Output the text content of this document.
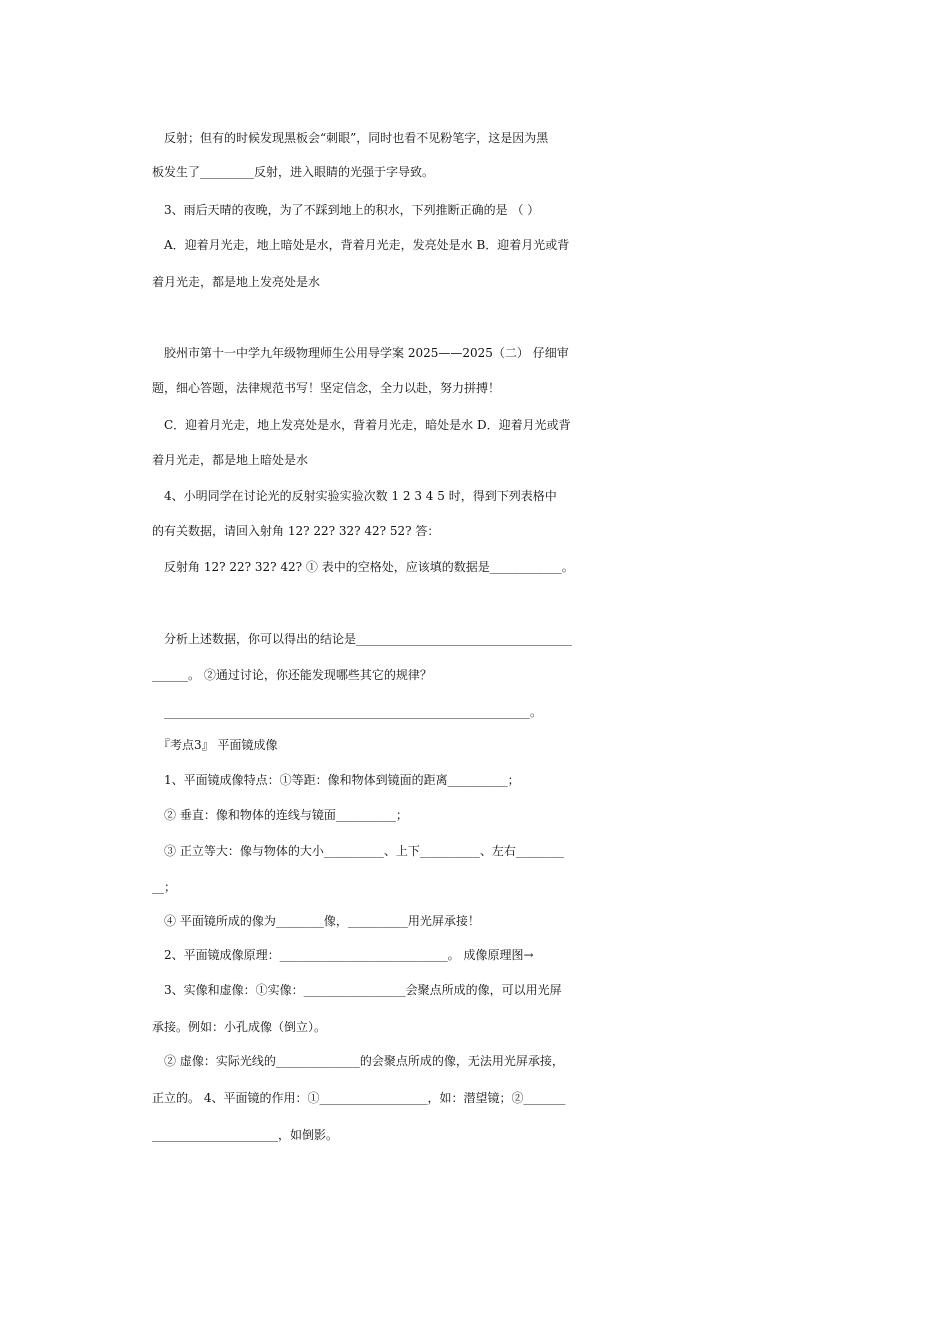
　　反射；但有的时候发现黑板会“刺眼”，同时也看不见粉笔字，这是因为黑
　板发生了_________反射，进入眼睛的光强于字导致。
　　3、雨后天晴的夜晚，为了不踩到地上的积水，下列推断正确的是 （ ）
　　A．迎着月光走，地上暗处是水，背着月光走，发亮处是水 B．迎着月光或背
　着月光走，都是地上发亮处是水
　　胶州市第十一中学九年级物理师生公用导学案 2025——2025（二） 仔细审
　题，细心答题，法律规范书写！坚定信念，全力以赴，努力拼搏！
　　C．迎着月光走，地上发亮处是水，背着月光走，暗处是水 D．迎着月光或背
　着月光走，都是地上暗处是水
　　4、小明同学在讨论光的反射实验实验次数 1 2 3 4 5 时，得到下列表格中
　的有关数据，请回入射角 12? 22? 32? 42? 52? 答：
　　反射角 12? 22? 32? 42? ① 表中的空格处，应该填的数据是____________。
　　分析上述数据，你可以得出的结论是____________________________________
　______。 ②通过讨论，你还能发现哪些其它的规律？
　　_____________________________________________________________。
　　『考点3』 平面镜成像
　　1、平面镜成像特点：①等距：像和物体到镜面的距离__________；
　　② 垂直：像和物体的连线与镜面__________；
　　③ 正立等大：像与物体的大小__________、上下__________、左右________
　__；
　　④ 平面镜所成的像为________像，__________用光屏承接！
　　2、平面镜成像原理：____________________________。 成像原理图→
　　3、实像和虚像：①实像：_________________会聚点所成的像，可以用光屏
　承接。例如：小孔成像（倒立）。
　　② 虚像：实际光线的______________的会聚点所成的像，无法用光屏承接，
　正立的。 4、平面镜的作用：①__________________，如：潜望镜；②_______
　_____________________，如倒影。
